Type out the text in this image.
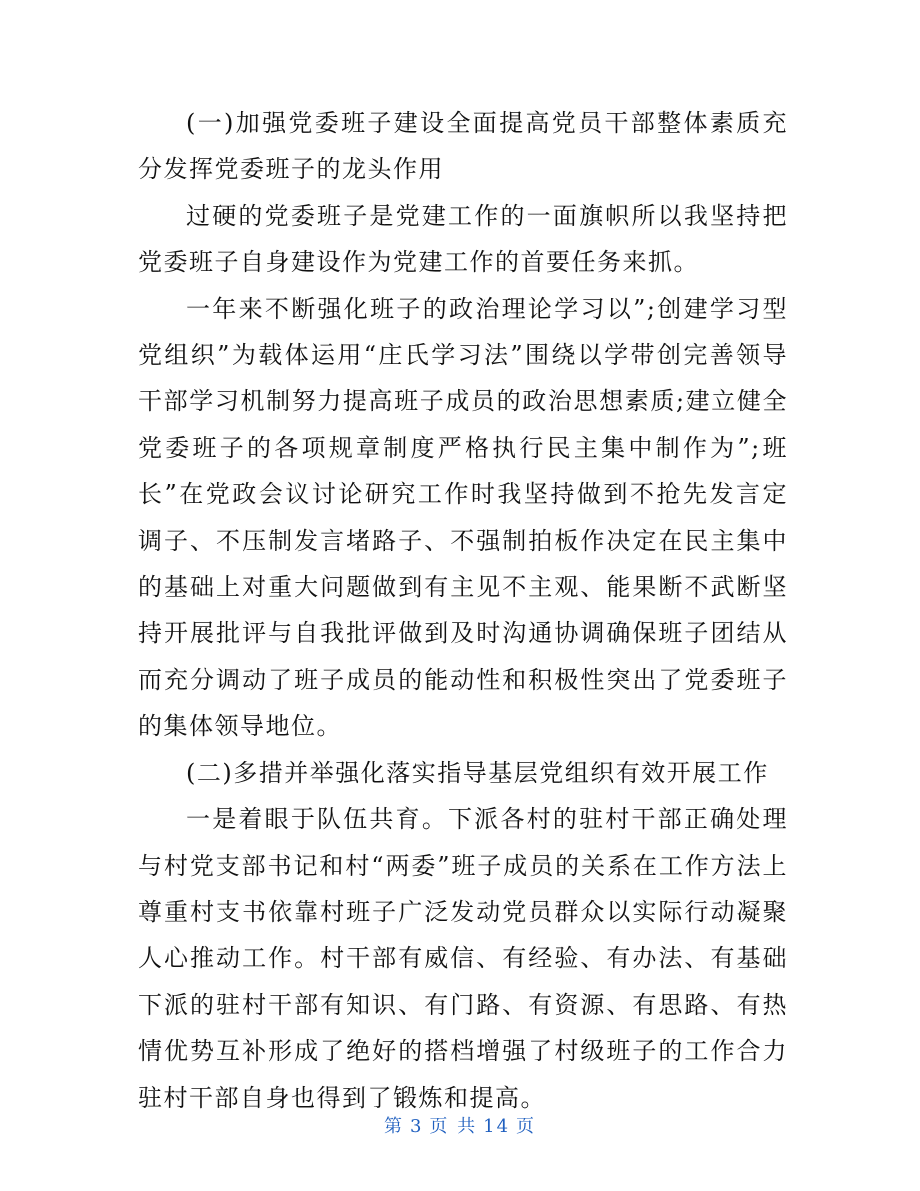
(一)加强党委班子建设全面提高党员干部整体素质充分发挥党委班子的龙头作用

过硬的党委班子是党建工作的一面旗帜所以我坚持把党委班子自身建设作为党建工作的首要任务来抓。

一年来不断强化班子的政治理论学习以”;创建学习型党组织”为载体运用“庄氏学习法”围绕以学带创完善领导干部学习机制努力提高班子成员的政治思想素质;建立健全党委班子的各项规章制度严格执行民主集中制作为”;班长”在党政会议讨论研究工作时我坚持做到不抢先发言定调子、不压制发言堵路子、不强制拍板作决定在民主集中的基础上对重大问题做到有主见不主观、能果断不武断坚持开展批评与自我批评做到及时沟通协调确保班子团结从而充分调动了班子成员的能动性和积极性突出了党委班子的集体领导地位。

(二)多措并举强化落实指导基层党组织有效开展工作

一是着眼于队伍共育。下派各村的驻村干部正确处理与村党支部书记和村“两委”班子成员的关系在工作方法上尊重村支书依靠村班子广泛发动党员群众以实际行动凝聚人心推动工作。村干部有威信、有经验、有办法、有基础下派的驻村干部有知识、有门路、有资源、有思路、有热情优势互补形成了绝好的搭档增强了村级班子的工作合力驻村干部自身也得到了锻炼和提高。

第 3 页 共 14 页
